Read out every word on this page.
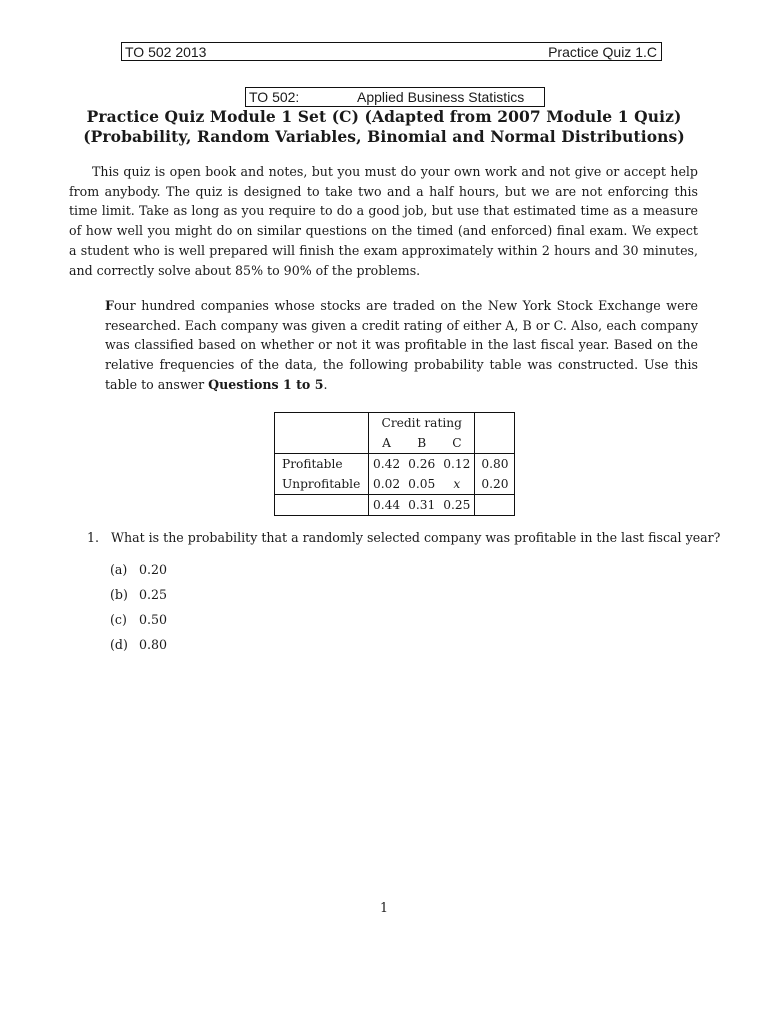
TO 502 2013	Practice Quiz 1.C
TO 502:	Applied Business Statistics
Practice Quiz Module 1 Set (C) (Adapted from 2007 Module 1 Quiz)
(Probability, Random Variables, Binomial and Normal Distributions)

This quiz is open book and notes, but you must do your own work and not give or accept help from anybody. The quiz is designed to take two and a half hours, but we are not enforcing this time limit. Take as long as you require to do a good job, but use that estimated time as a measure of how well you might do on similar questions on the timed (and enforced) final exam. We expect a student who is well prepared will finish the exam approximately within 2 hours and 30 minutes, and correctly solve about 85% to 90% of the problems.

Four hundred companies whose stocks are traded on the New York Stock Exchange were researched. Each company was given a credit rating of either A, B or C. Also, each company was classified based on whether or not it was profitable in the last fiscal year. Based on the relative frequencies of the data, the following probability table was constructed. Use this table to answer Questions 1 to 5.

	Credit rating			
	A	B	C	
Profitable	0.42	0.26	0.12	0.80
Unprofitable	0.02	0.05	x	0.20
	0.44	0.31	0.25	
1. What is the probability that a randomly selected company was profitable in the last fiscal year?
(a) 0.20
(b) 0.25
(c) 0.50
(d) 0.80
1
